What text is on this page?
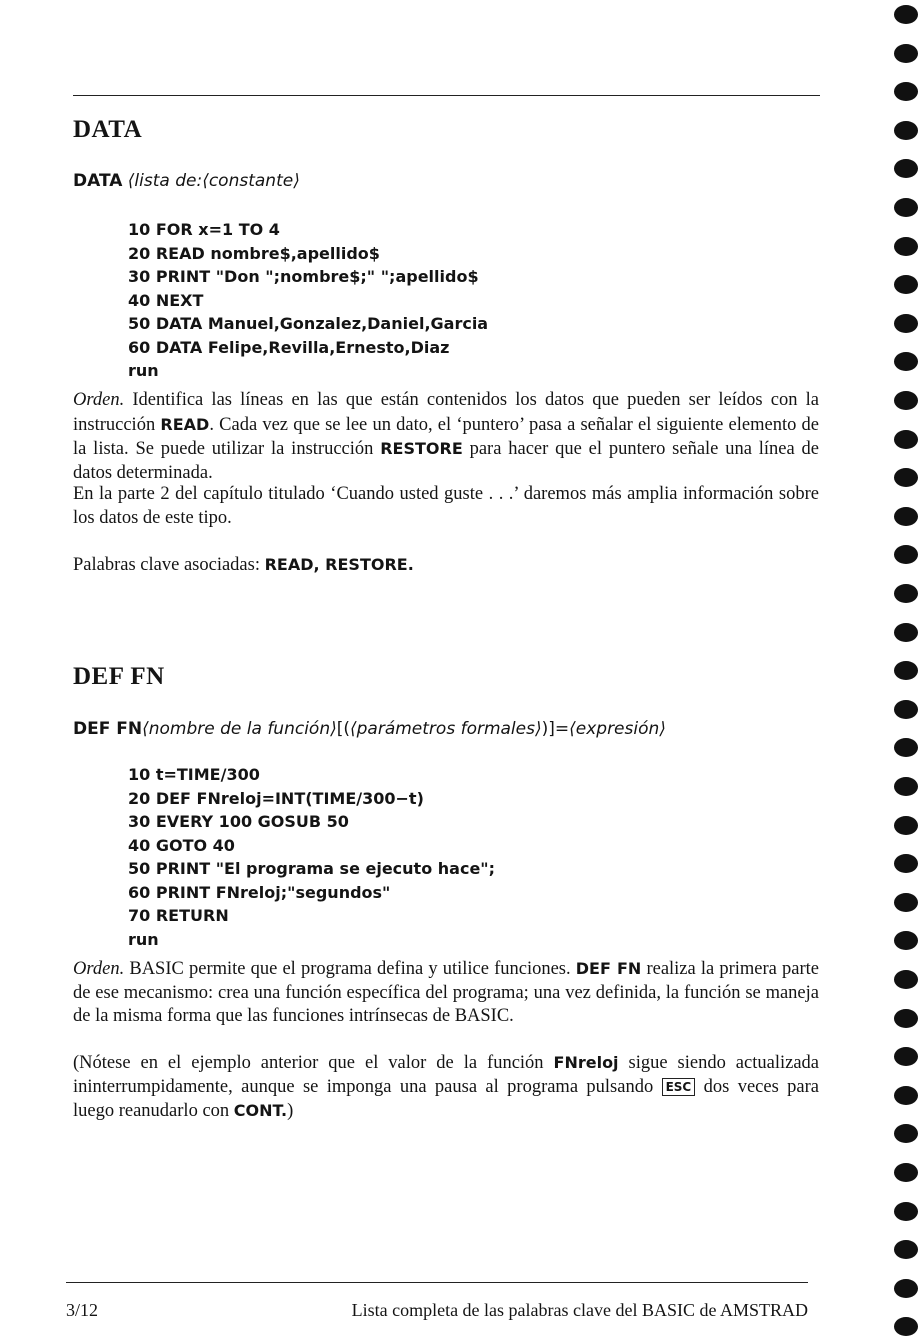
DATA

DATA ⟨lista de:⟨constante⟩

10 FOR x=1 TO 4
20 READ nombre$,apellido$
30 PRINT "Don ";nombre$;" ";apellido$
40 NEXT
50 DATA Manuel,Gonzalez,Daniel,Garcia
60 DATA Felipe,Revilla,Ernesto,Diaz
run

Orden. Identifica las líneas en las que están contenidos los datos que pueden ser leídos con la instrucción READ. Cada vez que se lee un dato, el ‘puntero’ pasa a señalar el siguiente elemento de la lista. Se puede utilizar la instrucción RESTORE para hacer que el puntero señale una línea de datos determinada.

En la parte 2 del capítulo titulado ‘Cuando usted guste . . .’ daremos más amplia información sobre los datos de este tipo.

Palabras clave asociadas: READ, RESTORE.

DEF FN

DEF FN⟨nombre de la función⟩[(⟨parámetros formales⟩)]=⟨expresión⟩

10 t=TIME/300
20 DEF FNreloj=INT(TIME/300−t)
30 EVERY 100 GOSUB 50
40 GOTO 40
50 PRINT "El programa se ejecuto hace";
60 PRINT FNreloj;"segundos"
70 RETURN
run

Orden. BASIC permite que el programa defina y utilice funciones. DEF FN realiza la primera parte de ese mecanismo: crea una función específica del programa; una vez definida, la función se maneja de la misma forma que las funciones intrínsecas de BASIC.

(Nótese en el ejemplo anterior que el valor de la función FNreloj sigue siendo actualizada ininterrumpidamente, aunque se imponga una pausa al programa pulsando ESC dos veces para luego reanudarlo con CONT.)

3/12	Lista completa de las palabras clave del BASIC de AMSTRAD
